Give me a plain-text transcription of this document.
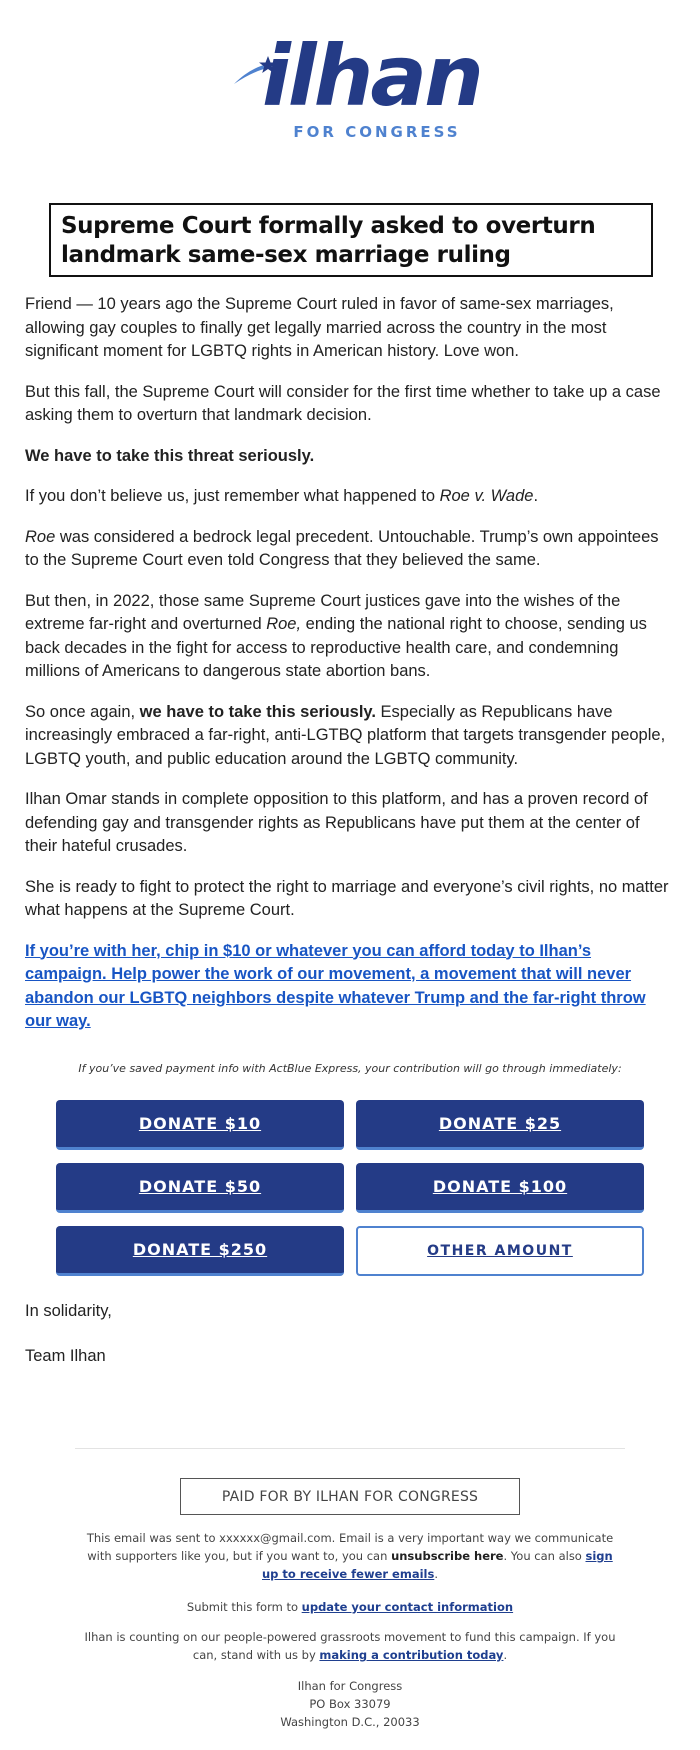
ilhan
FOR CONGRESS
Supreme Court formally asked to overturn landmark same-sex marriage ruling

Friend — 10 years ago the Supreme Court ruled in favor of same-sex marriages, allowing gay couples to finally get legally married across the country in the most significant moment for LGBTQ rights in American history. Love won.

But this fall, the Supreme Court will consider for the first time whether to take up a case asking them to overturn that landmark decision.

We have to take this threat seriously.

If you don’t believe us, just remember what happened to Roe v. Wade.

Roe was considered a bedrock legal precedent. Untouchable. Trump’s own appointees to the Supreme Court even told Congress that they believed the same.

But then, in 2022, those same Supreme Court justices gave into the wishes of the extreme far-right and overturned Roe, ending the national right to choose, sending us back decades in the fight for access to reproductive health care, and condemning millions of Americans to dangerous state abortion bans.

So once again, we have to take this seriously. Especially as Republicans have increasingly embraced a far-right, anti-LGTBQ platform that targets transgender people, LGBTQ youth, and public education around the LGBTQ community.

Ilhan Omar stands in complete opposition to this platform, and has a proven record of defending gay and transgender rights as Republicans have put them at the center of their hateful crusades.

She is ready to fight to protect the right to marriage and everyone’s civil rights, no matter what happens at the Supreme Court.

If you’re with her, chip in $10 or whatever you can afford today to Ilhan’s campaign. Help power the work of our movement, a movement that will never abandon our LGBTQ neighbors despite whatever Trump and the far-right throw our way.

If you’ve saved payment info with ActBlue Express, your contribution will go through immediately:
DONATE $10	DONATE $25
DONATE $50	DONATE $100
DONATE $250	OTHER AMOUNT
In solidarity,
Team Ilhan
PAID FOR BY ILHAN FOR CONGRESS
This email was sent to xxxxxx@gmail.com. Email is a very important way we communicate with supporters like you, but if you want to, you can unsubscribe here. You can also sign up to receive fewer emails.
Submit this form to update your contact information
Ilhan is counting on our people-powered grassroots movement to fund this campaign. If you can, stand with us by making a contribution today.
Ilhan for Congress
PO Box 33079
Washington D.C., 20033
